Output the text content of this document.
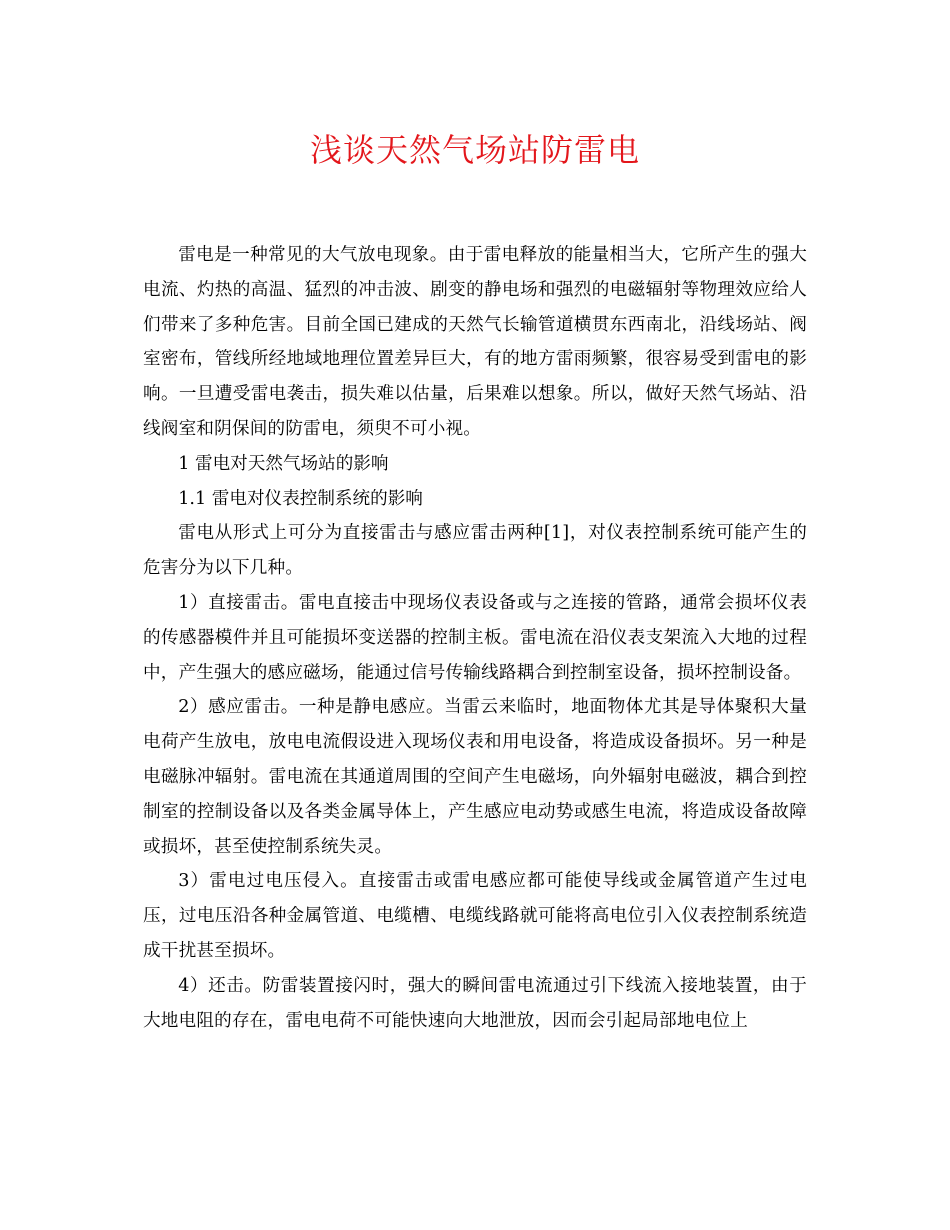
浅谈天然气场站防雷电

雷电是一种常见的大气放电现象。由于雷电释放的能量相当大，它所产生的强大电流、灼热的高温、猛烈的冲击波、剧变的静电场和强烈的电磁辐射等物理效应给人们带来了多种危害。目前全国已建成的天然气长输管道横贯东西南北，沿线场站、阀室密布，管线所经地域地理位置差异巨大，有的地方雷雨频繁，很容易受到雷电的影响。一旦遭受雷电袭击，损失难以估量，后果难以想象。所以，做好天然气场站、沿线阀室和阴保间的防雷电，须臾不可小视。

1 雷电对天然气场站的影响

1.1 雷电对仪表控制系统的影响

雷电从形式上可分为直接雷击与感应雷击两种[1]，对仪表控制系统可能产生的危害分为以下几种。

1）直接雷击。雷电直接击中现场仪表设备或与之连接的管路，通常会损坏仪表的传感器模件并且可能损坏变送器的控制主板。雷电流在沿仪表支架流入大地的过程中，产生强大的感应磁场，能通过信号传输线路耦合到控制室设备，损坏控制设备。

2）感应雷击。一种是静电感应。当雷云来临时，地面物体尤其是导体聚积大量电荷产生放电，放电电流假设进入现场仪表和用电设备，将造成设备损坏。另一种是电磁脉冲辐射。雷电流在其通道周围的空间产生电磁场，向外辐射电磁波，耦合到控制室的控制设备以及各类金属导体上，产生感应电动势或感生电流，将造成设备故障或损坏，甚至使控制系统失灵。

3）雷电过电压侵入。直接雷击或雷电感应都可能使导线或金属管道产生过电压，过电压沿各种金属管道、电缆槽、电缆线路就可能将高电位引入仪表控制系统造成干扰甚至损坏。

4）还击。防雷装置接闪时，强大的瞬间雷电流通过引下线流入接地装置，由于大地电阻的存在，雷电电荷不可能快速向大地泄放，因而会引起局部地电位上
